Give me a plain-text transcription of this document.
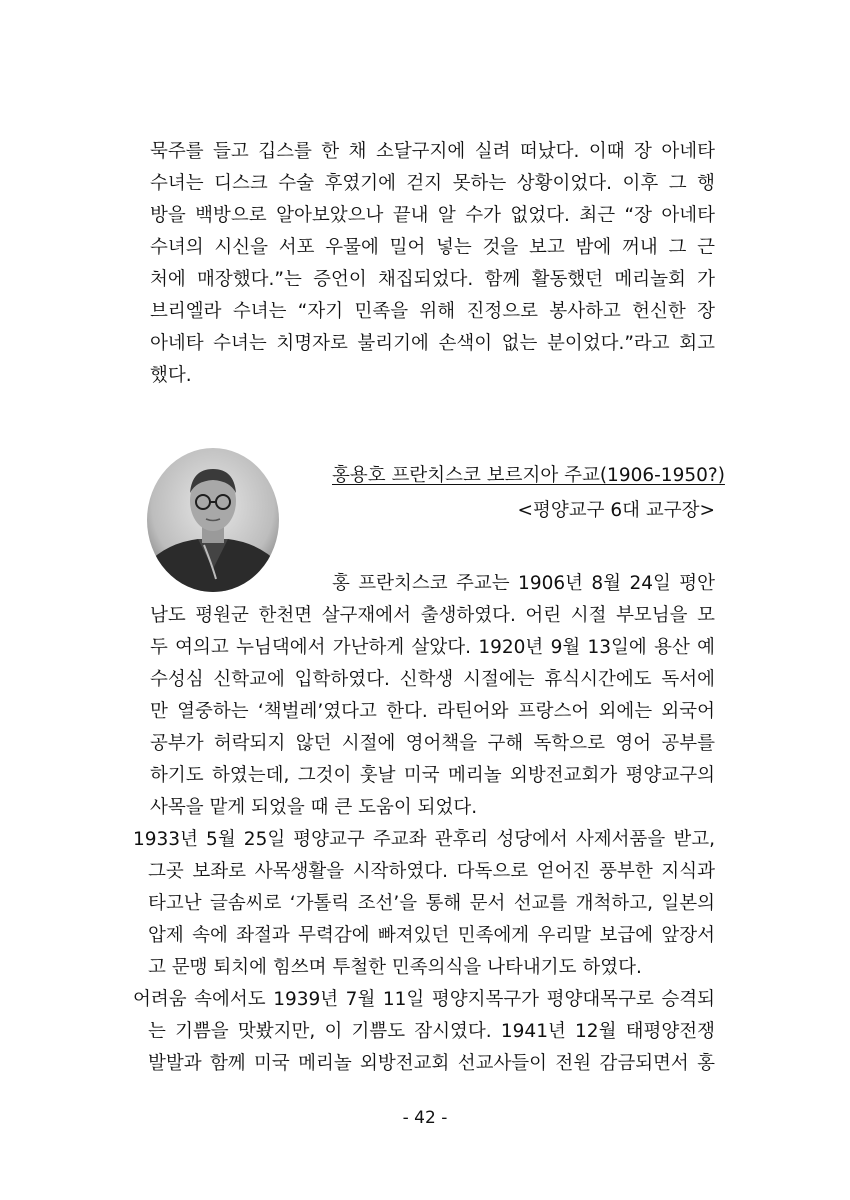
묵주를 들고 깁스를 한 채 소달구지에 실려 떠났다. 이때 장 아네타
수녀는 디스크 수술 후였기에 걷지 못하는 상황이었다. 이후 그 행
방을 백방으로 알아보았으나 끝내 알 수가 없었다. 최근 “장 아네타
수녀의 시신을 서포 우물에 밀어 넣는 것을 보고 밤에 꺼내 그 근
처에 매장했다.”는 증언이 채집되었다. 함께 활동했던 메리놀회 가
브리엘라 수녀는 “자기 민족을 위해 진정으로 봉사하고 헌신한 장
아네타 수녀는 치명자로 불리기에 손색이 없는 분이었다.”라고 회고
했다.
홍용호 프란치스코 보르지아 주교(1906-1950?)
<평양교구 6대 교구장>
홍 프란치스코 주교는 1906년 8월 24일 평안
남도 평원군 한천면 살구재에서 출생하였다. 어린 시절 부모님을 모
두 여의고 누님댁에서 가난하게 살았다. 1920년 9월 13일에 용산 예
수성심 신학교에 입학하였다. 신학생 시절에는 휴식시간에도 독서에
만 열중하는 ‘책벌레’였다고 한다. 라틴어와 프랑스어 외에는 외국어
공부가 허락되지 않던 시절에 영어책을 구해 독학으로 영어 공부를
하기도 하였는데, 그것이 훗날 미국 메리놀 외방전교회가 평양교구의
사목을 맡게 되었을 때 큰 도움이 되었다.
1933년 5월 25일 평양교구 주교좌 관후리 성당에서 사제서품을 받고,
그곳 보좌로 사목생활을 시작하였다. 다독으로 얻어진 풍부한 지식과
타고난 글솜씨로 ‘가톨릭 조선’을 통해 문서 선교를 개척하고, 일본의
압제 속에 좌절과 무력감에 빠져있던 민족에게 우리말 보급에 앞장서
고 문맹 퇴치에 힘쓰며 투철한 민족의식을 나타내기도 하였다.
어려움 속에서도 1939년 7월 11일 평양지목구가 평양대목구로 승격되
는 기쁨을 맛봤지만, 이 기쁨도 잠시였다. 1941년 12월 태평양전쟁
발발과 함께 미국 메리놀 외방전교회 선교사들이 전원 감금되면서 홍
- 42 -
